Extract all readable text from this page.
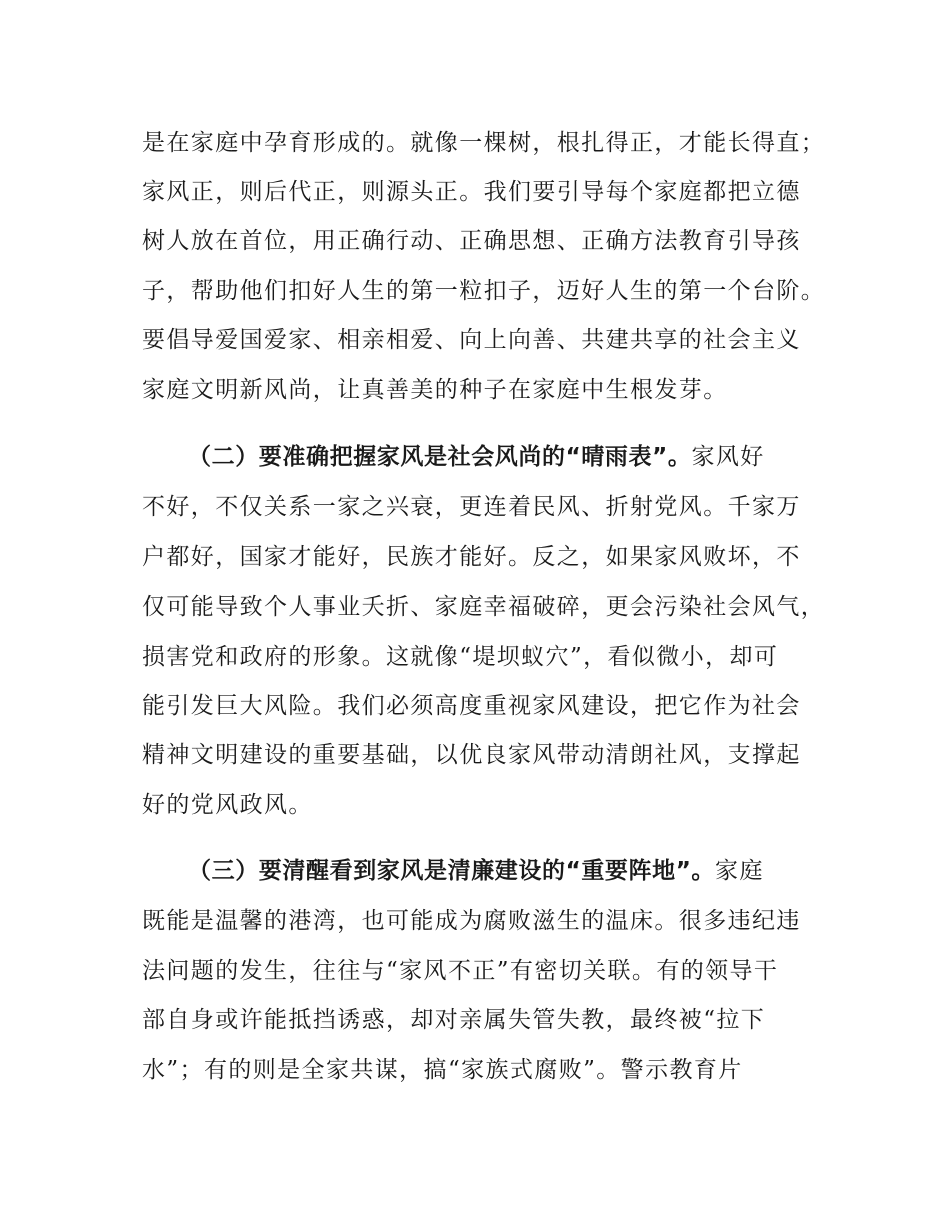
是在家庭中孕育形成的。就像一棵树，根扎得正，才能长得直；
家风正，则后代正，则源头正。我们要引导每个家庭都把立德
树人放在首位，用正确行动、正确思想、正确方法教育引导孩
子，帮助他们扣好人生的第一粒扣子，迈好人生的第一个台阶。
要倡导爱国爱家、相亲相爱、向上向善、共建共享的社会主义
家庭文明新风尚，让真善美的种子在家庭中生根发芽。
（二）要准确把握家风是社会风尚的“晴雨表”。家风好
不好，不仅关系一家之兴衰，更连着民风、折射党风。千家万
户都好，国家才能好，民族才能好。反之，如果家风败坏，不
仅可能导致个人事业夭折、家庭幸福破碎，更会污染社会风气，
损害党和政府的形象。这就像“堤坝蚁穴”，看似微小，却可
能引发巨大风险。我们必须高度重视家风建设，把它作为社会
精神文明建设的重要基础，以优良家风带动清朗社风，支撑起
好的党风政风。
（三）要清醒看到家风是清廉建设的“重要阵地”。家庭
既能是温馨的港湾，也可能成为腐败滋生的温床。很多违纪违
法问题的发生，往往与“家风不正”有密切关联。有的领导干
部自身或许能抵挡诱惑，却对亲属失管失教，最终被“拉下
水”；有的则是全家共谋，搞“家族式腐败”。警示教育片
